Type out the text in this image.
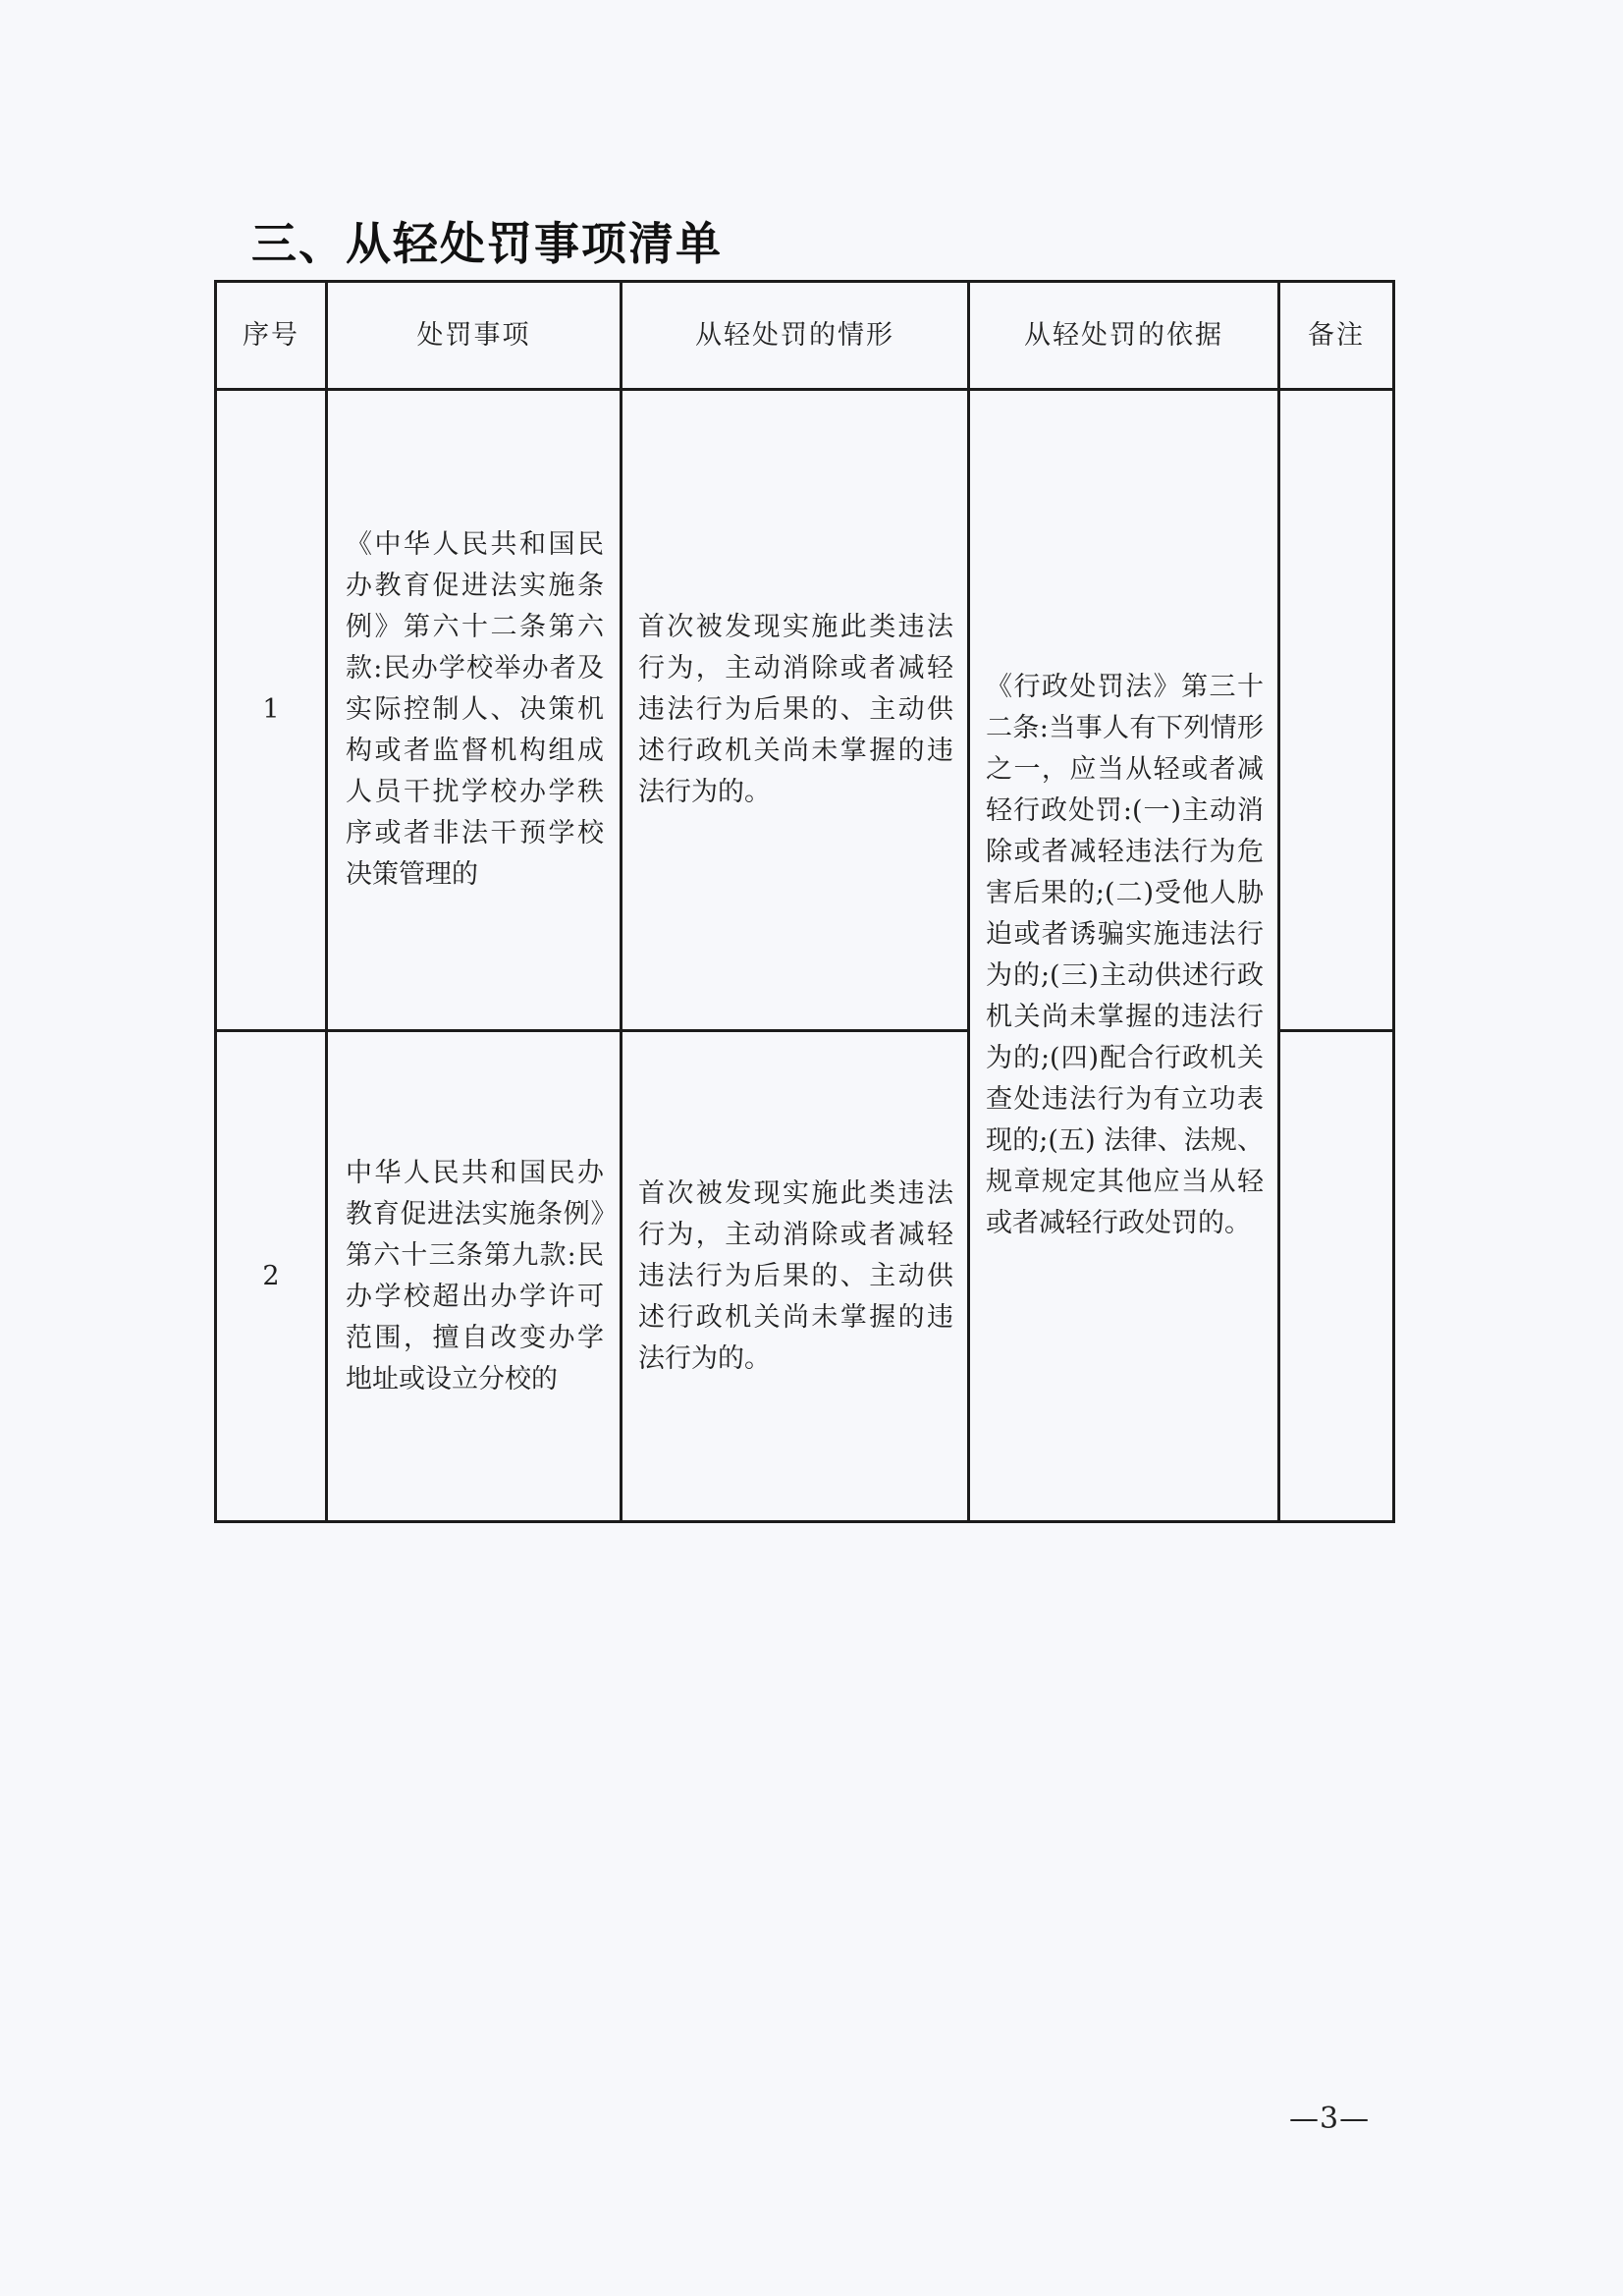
三、从轻处罚事项清单
序号	处罚事项	从轻处罚的情形	从轻处罚的依据	备注
1	《中华人民共和国民办教育促进法实施条例》第六十二条第六款:民办学校举办者及实际控制人、决策机构或者监督机构组成人员干扰学校办学秩序或者非法干预学校决策管理的	首次被发现实施此类违法行为，主动消除或者减轻违法行为后果的、主动供述行政机关尚未掌握的违法行为的。	《行政处罚法》第三十二条:当事人有下列情形之一，应当从轻或者减轻行政处罚:(一)主动消除或者减轻违法行为危害后果的;(二)受他人胁迫或者诱骗实施违法行为的;(三)主动供述行政机关尚未掌握的违法行为的;(四)配合行政机关查处违法行为有立功表现的;(五) 法律、法规、规章规定其他应当从轻或者减轻行政处罚的。	
2	中华人民共和国民办教育促进法实施条例》第六十三条第九款:民办学校超出办学许可范围，擅自改变办学地址或设立分校的	首次被发现实施此类违法行为，主动消除或者减轻违法行为后果的、主动供述行政机关尚未掌握的违法行为的。		
—3—
